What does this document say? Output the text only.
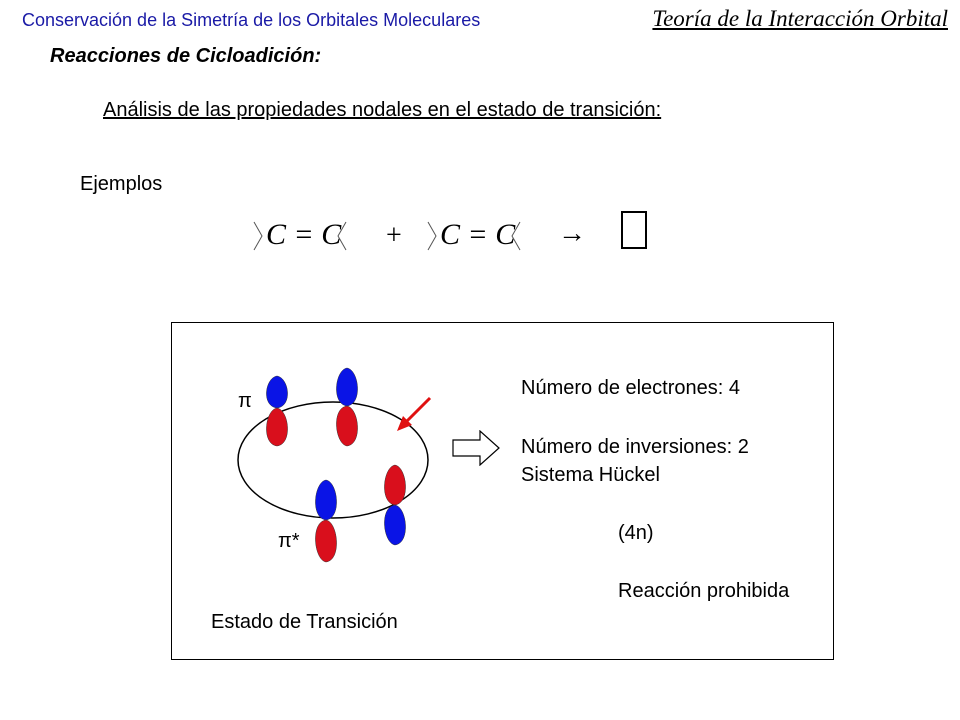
Conservación de la Simetría de los Orbitales Moleculares	Teoría de la Interacción Orbital
Reacciones de Cicloadición:
Análisis de las propiedades nodales en el estado de transición:
Ejemplos
C = C + C = C →
π
π*
Estado de Transición
Número de electrones: 4
Número de inversiones: 2
Sistema Hückel
(4n)
Reacción prohibida
